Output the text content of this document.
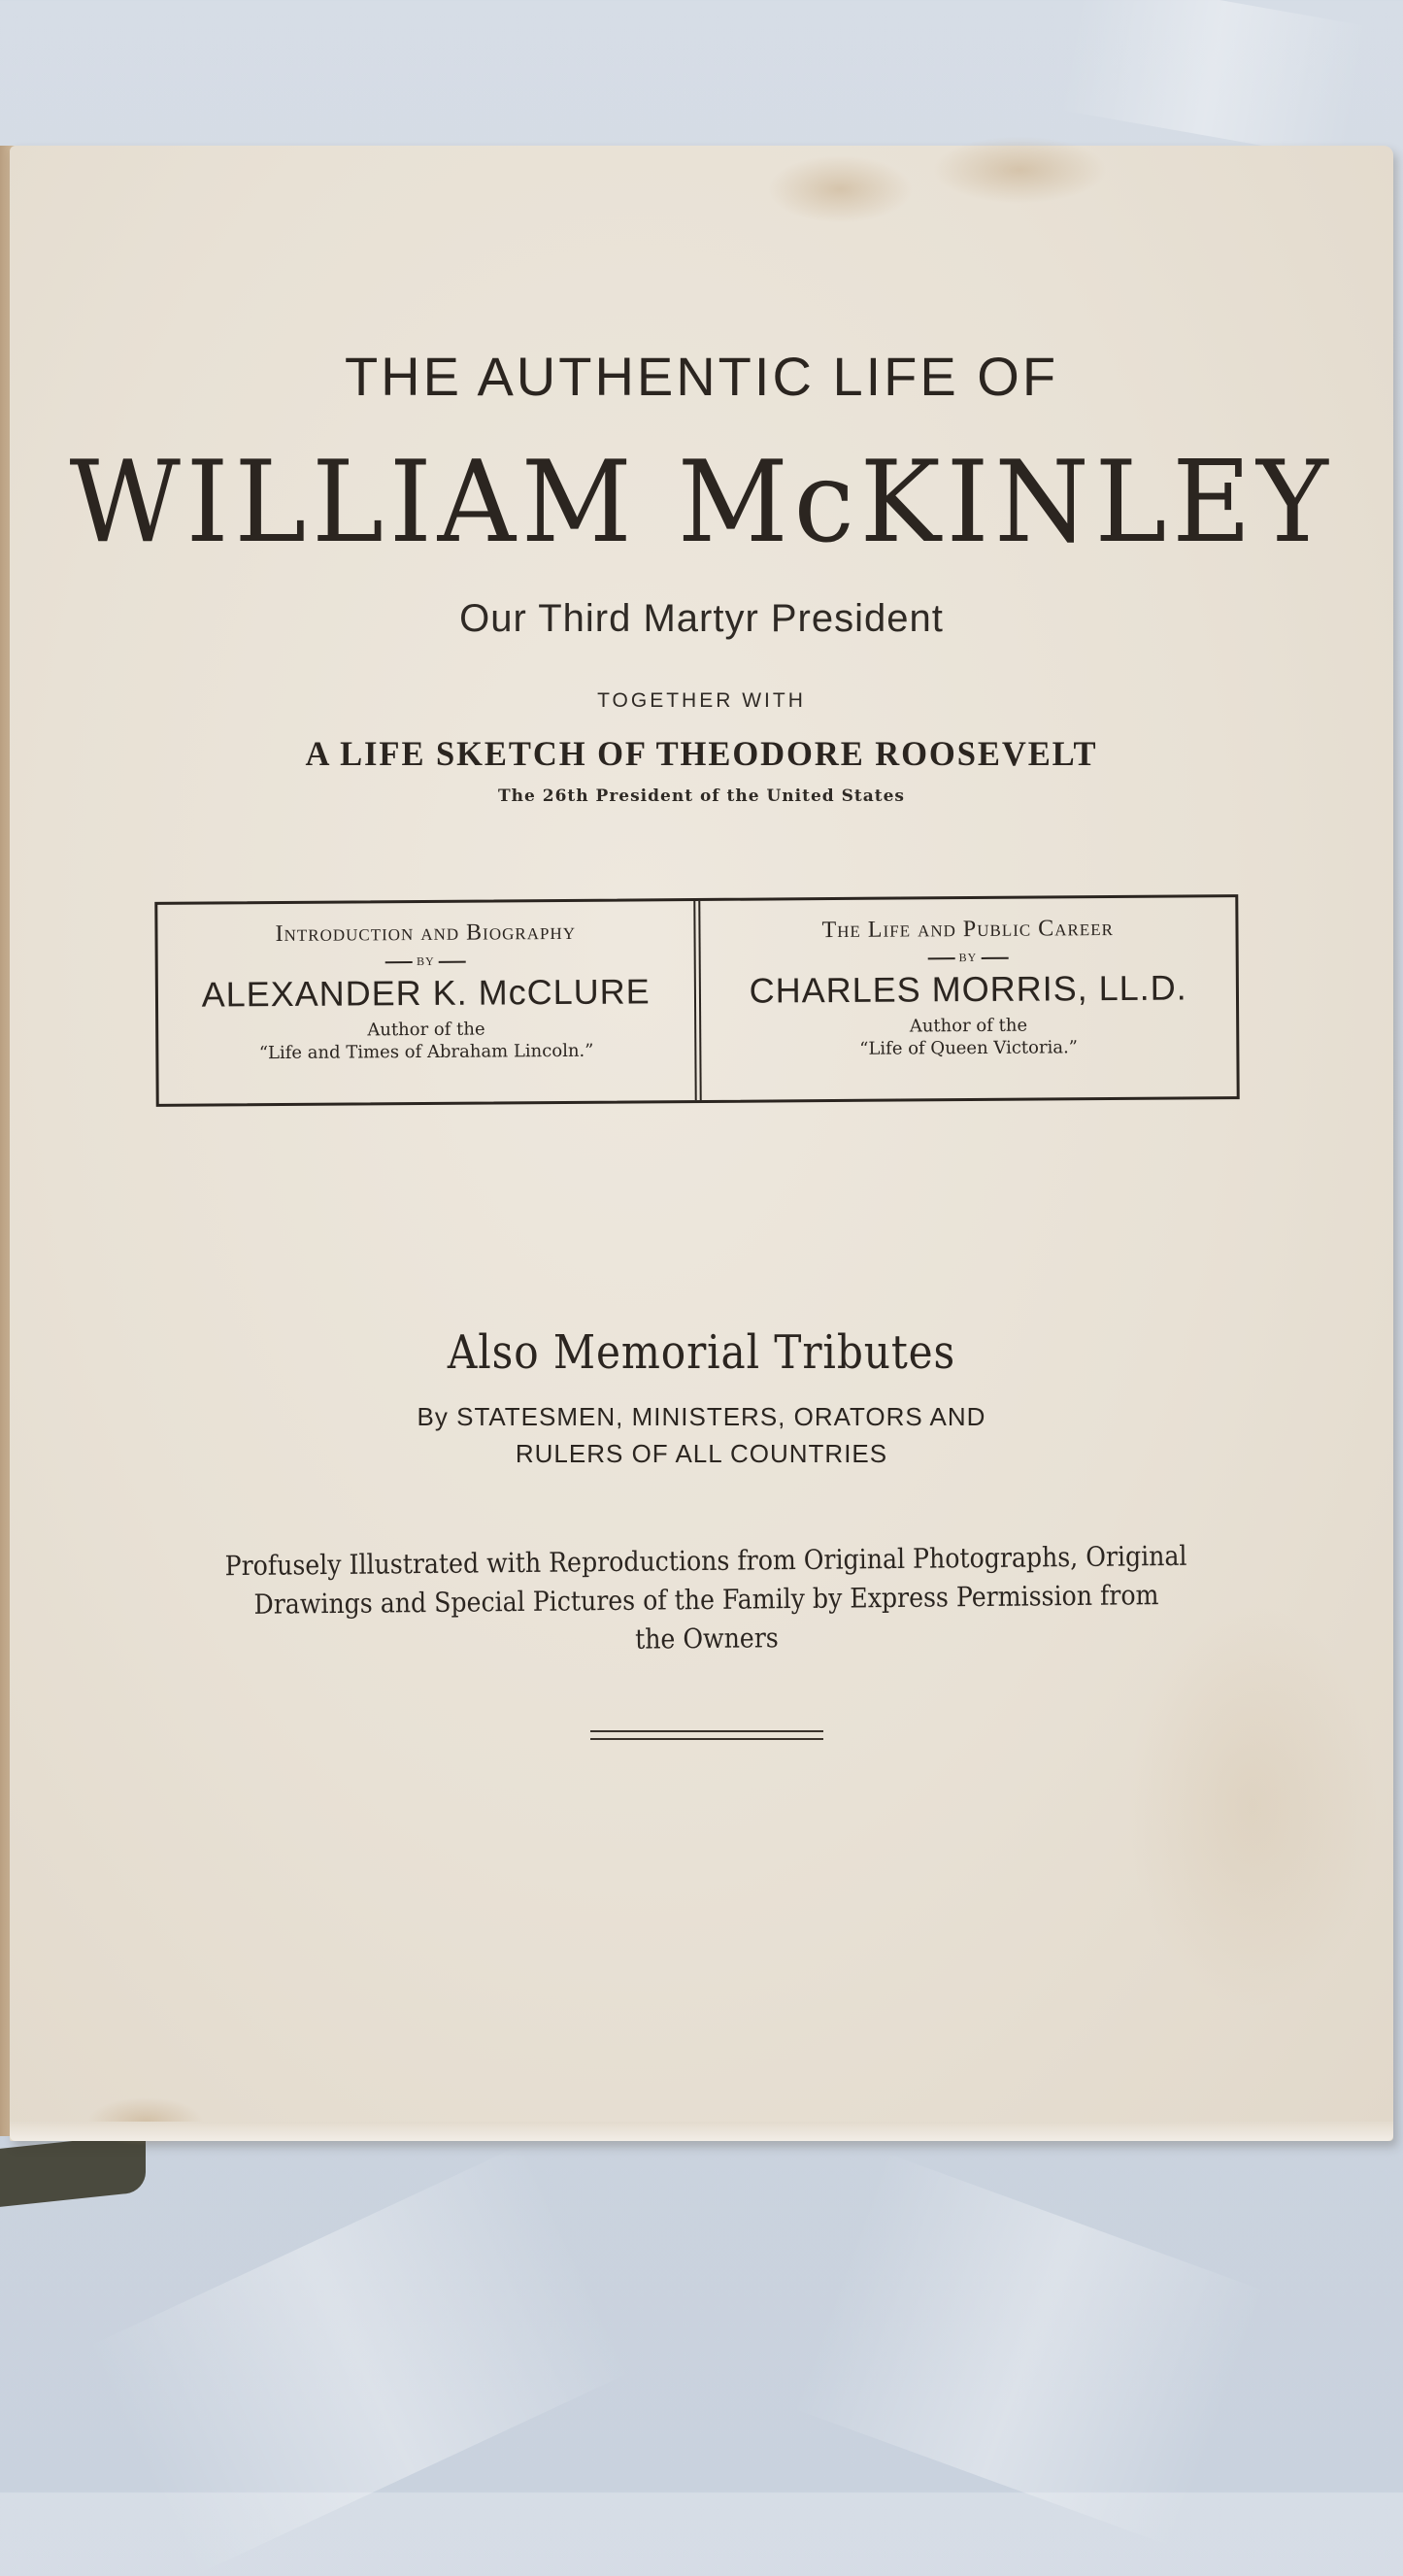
THE AUTHENTIC LIFE OF
WILLIAM McKINLEY
Our Third Martyr President
TOGETHER WITH
A LIFE SKETCH OF THEODORE ROOSEVELT
The 26th President of the United States
Introduction and Biography
BY
ALEXANDER K. McCLURE
Author of the
“Life and Times of Abraham Lincoln.”
The Life and Public Career
BY
CHARLES MORRIS, LL.D.
Author of the
“Life of Queen Victoria.”
Also Memorial Tributes
By STATESMEN, MINISTERS, ORATORS AND
RULERS OF ALL COUNTRIES
Profusely Illustrated with Reproductions from Original Photographs, Original
Drawings and Special Pictures of the Family by Express Permission from
the Owners
